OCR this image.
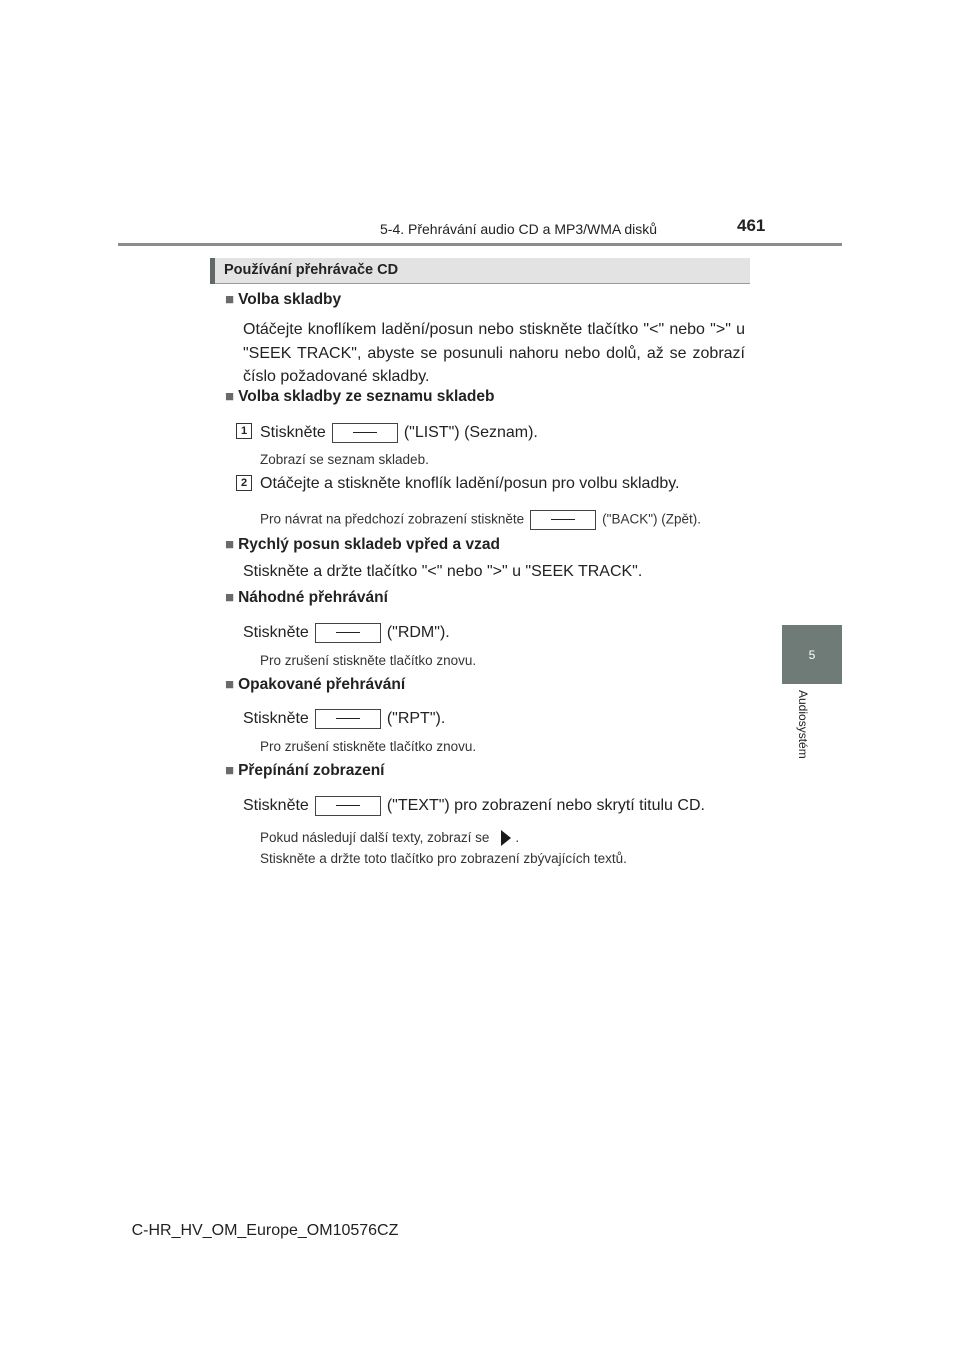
5-4. Přehrávání audio CD a MP3/WMA disků	461
5
Audiosystém
Používání přehrávače CD
■ Volba skladby
Otáčejte knoflíkem ladění/posun nebo stiskněte tlačítko "<" nebo ">" u "SEEK TRACK", abyste se posunuli nahoru nebo dolů, až se zobrazí číslo požadované skladby.
■ Volba skladby ze seznamu skladeb
1 Stiskněte	("LIST") (Seznam).
Zobrazí se seznam skladeb.
2 Otáčejte a stiskněte knoflík ladění/posun pro volbu skladby.
Pro návrat na předchozí zobrazení stiskněte	("BACK") (Zpět).
■ Rychlý posun skladeb vpřed a vzad
Stiskněte a držte tlačítko "<" nebo ">" u "SEEK TRACK".
■ Náhodné přehrávání
Stiskněte	("RDM").
Pro zrušení stiskněte tlačítko znovu.
■ Opakované přehrávání
Stiskněte	("RPT").
Pro zrušení stiskněte tlačítko znovu.
■ Přepínání zobrazení
Stiskněte	("TEXT") pro zobrazení nebo skrytí titulu CD.
Pokud následují další texty, zobrazí se .
Stiskněte a držte toto tlačítko pro zobrazení zbývajících textů.
C-HR_HV_OM_Europe_OM10576CZ
